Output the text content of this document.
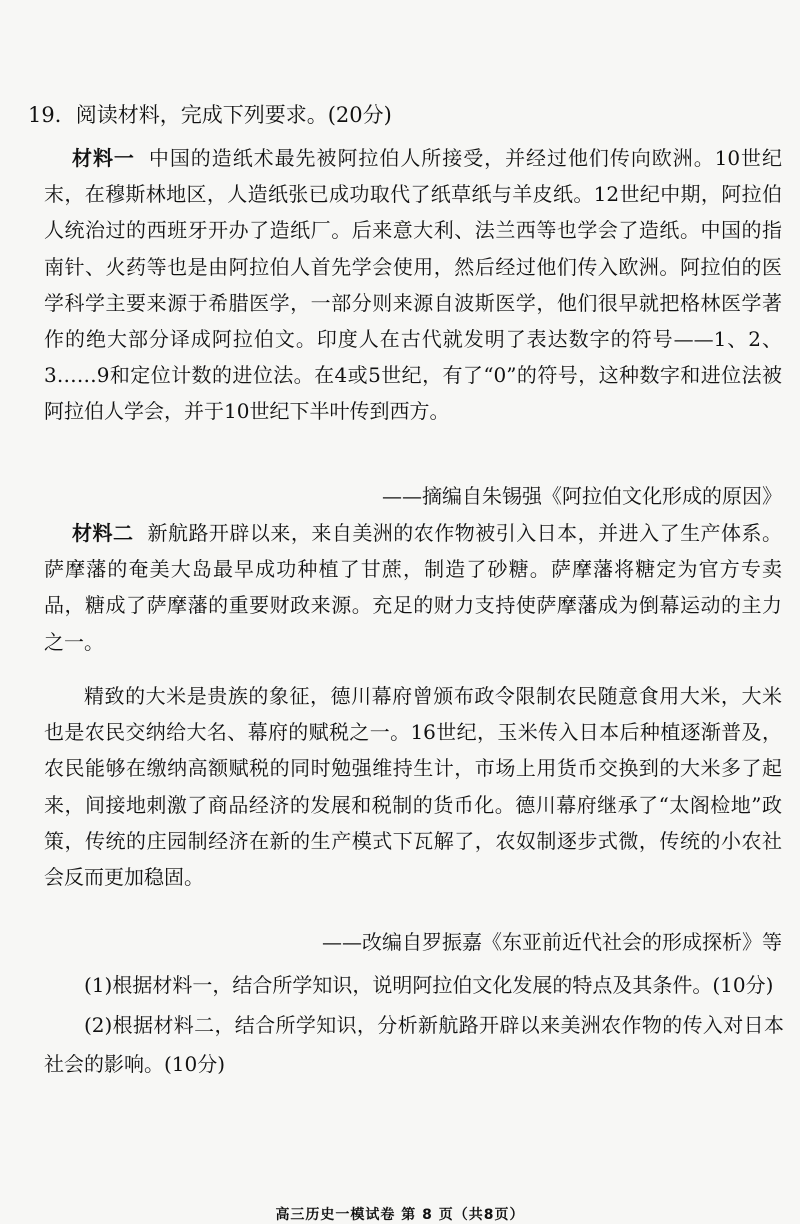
19．阅读材料，完成下列要求。(20分)

材料一 中国的造纸术最先被阿拉伯人所接受，并经过他们传向欧洲。10世纪末，在穆斯林地区，人造纸张已成功取代了纸草纸与羊皮纸。12世纪中期，阿拉伯人统治过的西班牙开办了造纸厂。后来意大利、法兰西等也学会了造纸。中国的指南针、火药等也是由阿拉伯人首先学会使用，然后经过他们传入欧洲。阿拉伯的医学科学主要来源于希腊医学，一部分则来源自波斯医学，他们很早就把格林医学著作的绝大部分译成阿拉伯文。印度人在古代就发明了表达数字的符号——1、2、3……9和定位计数的进位法。在4或5世纪，有了“0”的符号，这种数字和进位法被阿拉伯人学会，并于10世纪下半叶传到西方。

——摘编自朱锡强《阿拉伯文化形成的原因》

材料二 新航路开辟以来，来自美洲的农作物被引入日本，并进入了生产体系。萨摩藩的奄美大岛最早成功种植了甘蔗，制造了砂糖。萨摩藩将糖定为官方专卖品，糖成了萨摩藩的重要财政来源。充足的财力支持使萨摩藩成为倒幕运动的主力之一。

精致的大米是贵族的象征，德川幕府曾颁布政令限制农民随意食用大米，大米也是农民交纳给大名、幕府的赋税之一。16世纪，玉米传入日本后种植逐渐普及，农民能够在缴纳高额赋税的同时勉强维持生计，市场上用货币交换到的大米多了起来，间接地刺激了商品经济的发展和税制的货币化。德川幕府继承了“太阁检地”政策，传统的庄园制经济在新的生产模式下瓦解了，农奴制逐步式微，传统的小农社会反而更加稳固。

——改编自罗振嘉《东亚前近代社会的形成探析》等

(1)根据材料一，结合所学知识，说明阿拉伯文化发展的特点及其条件。(10分)

(2)根据材料二，结合所学知识，分析新航路开辟以来美洲农作物的传入对日本社会的影响。(10分)

高三历史一模试卷 第 8 页（共8页）
